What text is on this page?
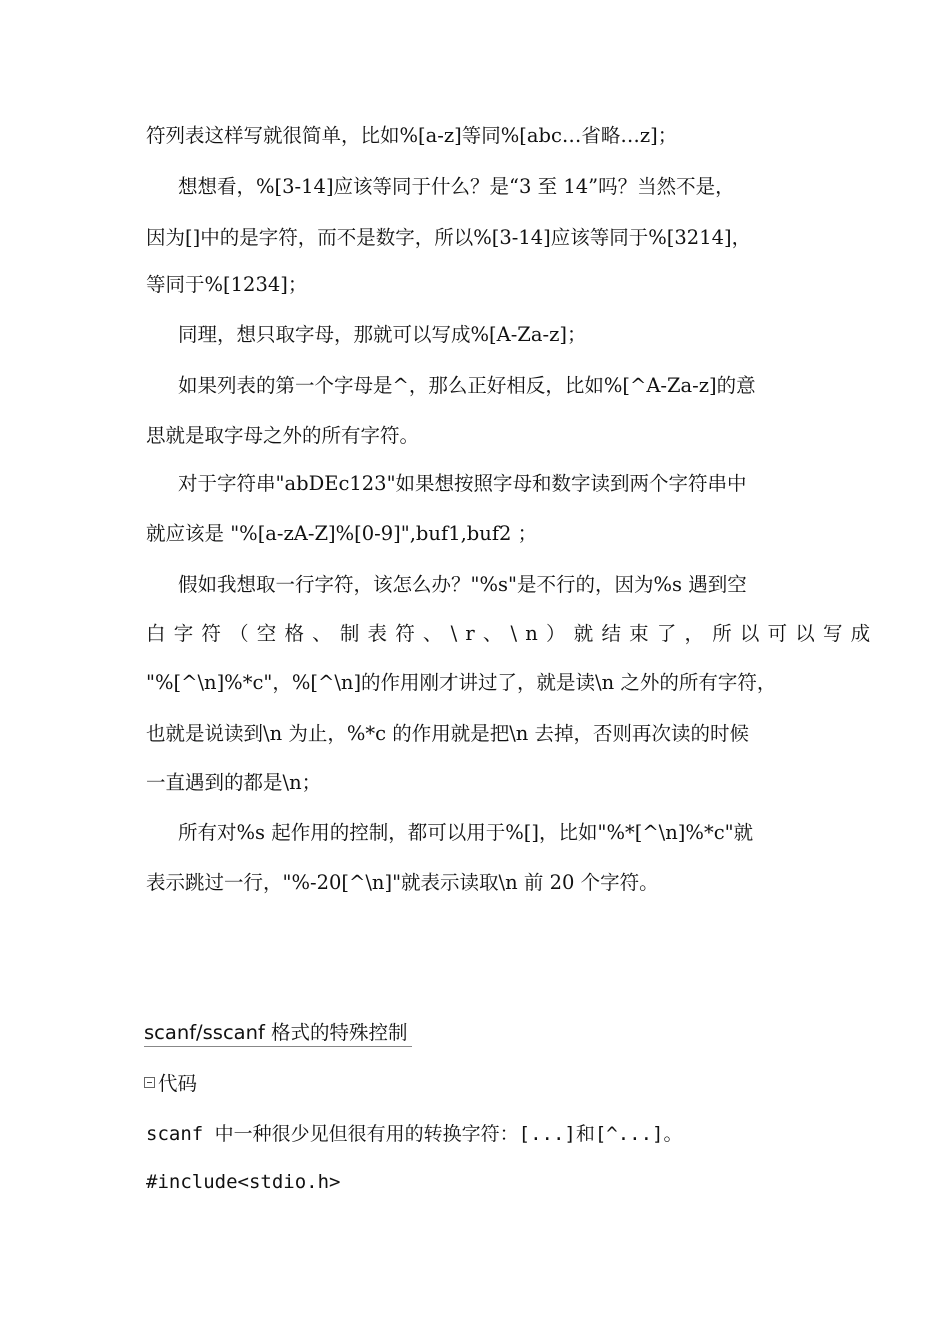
符列表这样写就很简单，比如%[a-z]等同%[abc…省略…z]；

想想看，%[3-14]应该等同于什么？是“3 至 14”吗？当然不是，

因为[]中的是字符，而不是数字，所以%[3-14]应该等同于%[3214]，

等同于%[1234]；

同理，想只取字母，那就可以写成%[A-Za-z]；

如果列表的第一个字母是^，那么正好相反，比如%[^A-Za-z]的意

思就是取字母之外的所有字符。

对于字符串"abDEc123"如果想按照字母和数字读到两个字符串中

就应该是 "%[a-zA-Z]%[0-9]",buf1,buf2 ；

假如我想取一行字符，该怎么办？"%s"是不行的，因为%s 遇到空

白字符（空格、制表符、\r、\n）就结束了，所以可以写成

"%[^\n]%*c"，%[^\n]的作用刚才讲过了，就是读\n 之外的所有字符，

也就是说读到\n 为止，%*c 的作用就是把\n 去掉，否则再次读的时候

一直遇到的都是\n；

所有对%s 起作用的控制，都可以用于%[]，比如"%*[^\n]%*c"就

表示跳过一行，"%-20[^\n]"就表示读取\n 前 20 个字符。

scanf/sscanf 格式的特殊控制
代码

scanf 中一种很少见但很有用的转换字符：[...]和[^...]。

#include<stdio.h>
